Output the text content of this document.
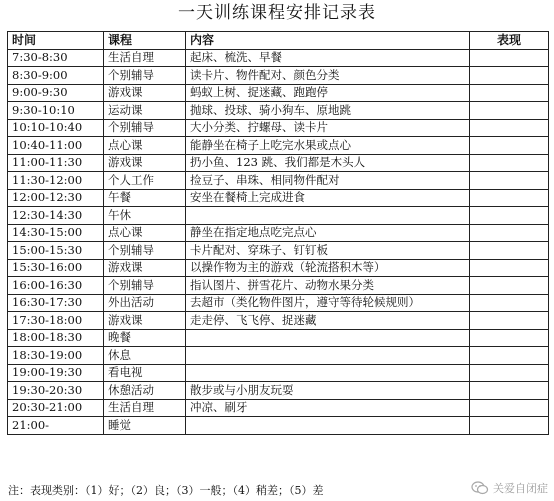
一天训练课程安排记录表
时间	课程	内容	表现
7:30-8:30	生活自理	起床、梳洗、早餐	
8:30-9:00	个别辅导	读卡片、物件配对、颜色分类	
9:00-9:30	游戏课	蚂蚁上树、捉迷藏、跑跑停	
9:30-10:10	运动课	抛球、投球、骑小狗车、原地跳	
10:10-10:40	个别辅导	大小分类、拧螺母、读卡片	
10:40-11:00	点心课	能静坐在椅子上吃完水果或点心	
11:00-11:30	游戏课	扔小鱼、123 跳、我们都是木头人	
11:30-12:00	个人工作	捡豆子、串珠、相同物件配对	
12:00-12:30	午餐	安坐在餐椅上完成进食	
12:30-14:30	午休		
14:30-15:00	点心课	静坐在指定地点吃完点心	
15:00-15:30	个别辅导	卡片配对、穿珠子、钉钉板	
15:30-16:00	游戏课	以操作物为主的游戏（轮流搭积木等）	
16:00-16:30	个别辅导	指认图片、拼雪花片、动物水果分类	
16:30-17:30	外出活动	去超市（类化物件图片，遵守等待轮候规则）	
17:30-18:00	游戏课	走走停、飞飞停、捉迷藏	
18:00-18:30	晚餐		
18:30-19:00	休息		
19:00-19:30	看电视		
19:30-20:30	休憩活动	散步或与小朋友玩耍	
20:30-21:00	生活自理	冲凉、刷牙	
21:00-	睡觉		
注：表现类别：（1）好；（2）良；（3）一般；（4）稍差；（5）差	关爱自闭症
